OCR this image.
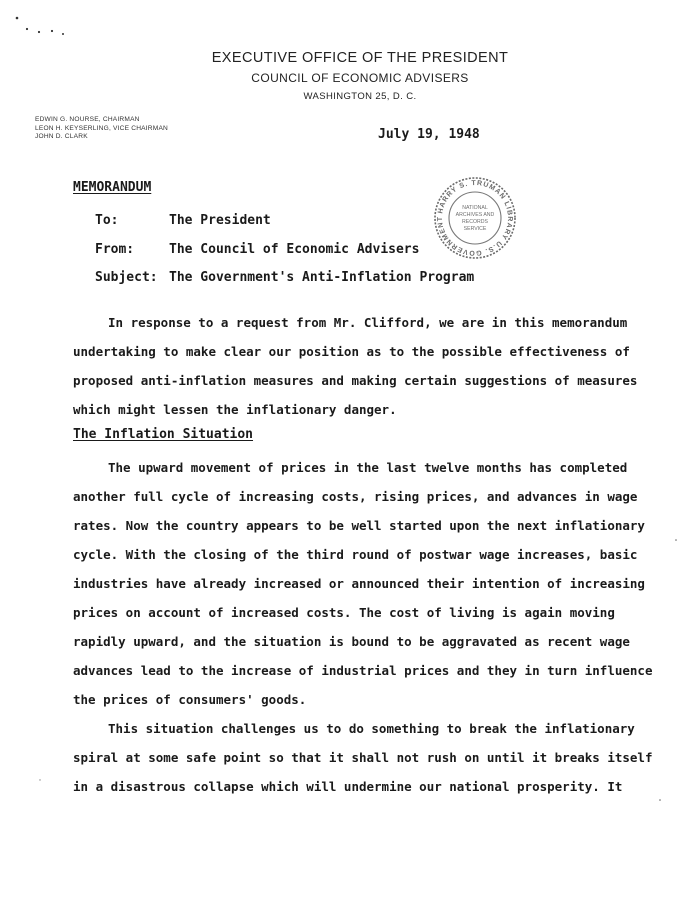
EXECUTIVE OFFICE OF THE PRESIDENT
COUNCIL OF ECONOMIC ADVISERS
WASHINGTON 25, D. C.
EDWIN G. NOURSE, CHAIRMAN
LEON H. KEYSERLING, VICE CHAIRMAN
JOHN D. CLARK	July 19, 1948
MEMORANDUM
HARRY S. TRUMAN LIBRARY U.S. GOVERNMENT
NATIONAL
ARCHIVES AND
RECORDS
SERVICE
To:	The President
From:	The Council of Economic Advisers
Subject: The Government's Anti-Inflation Program
In response to a request from Mr. Clifford, we are in this memorandum
undertaking to make clear our position as to the possible effectiveness of
proposed anti-inflation measures and making certain suggestions of measures
which might lessen the inflationary danger.
The Inflation Situation
The upward movement of prices in the last twelve months has completed
another full cycle of increasing costs, rising prices, and advances in wage
rates. Now the country appears to be well started upon the next inflationary
cycle. With the closing of the third round of postwar wage increases, basic
industries have already increased or announced their intention of increasing
prices on account of increased costs. The cost of living is again moving
rapidly upward, and the situation is bound to be aggravated as recent wage
advances lead to the increase of industrial prices and they in turn influence
the prices of consumers' goods.
This situation challenges us to do something to break the inflationary
spiral at some safe point so that it shall not rush on until it breaks itself
in a disastrous collapse which will undermine our national prosperity. It
